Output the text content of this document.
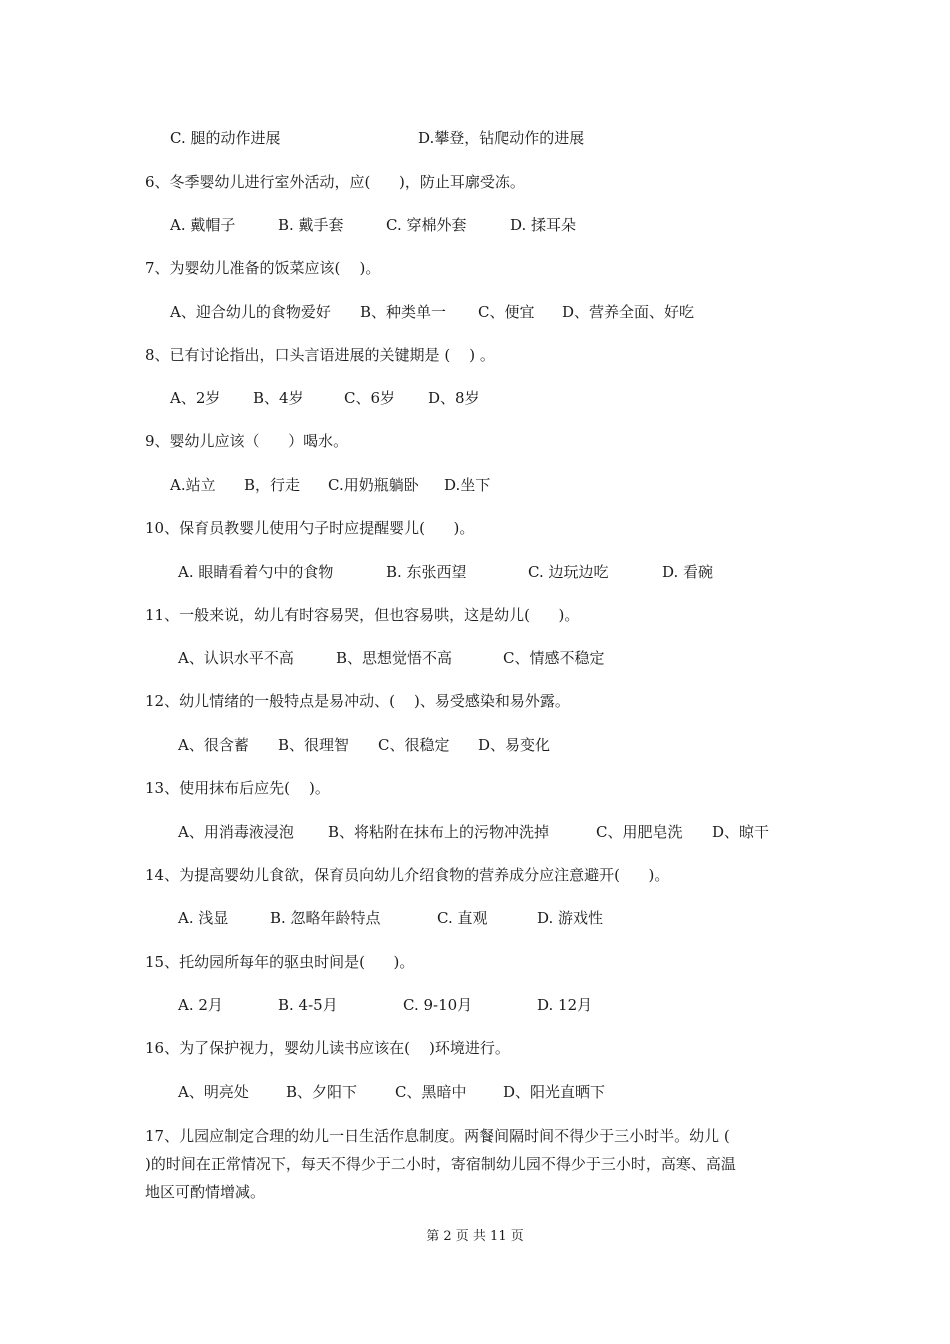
C. 腿的动作进展	D.攀登，钻爬动作的进展
6、冬季婴幼儿进行室外活动，应(      )，防止耳廓受冻。
A. 戴帽子	B. 戴手套	C. 穿棉外套	D. 揉耳朵
7、为婴幼儿准备的饭菜应该(    )。
A、迎合幼儿的食物爱好 B、种类单一 C、便宜 D、营养全面、好吃
8、已有讨论指出，口头言语进展的关键期是 (    ) 。
A、2岁 B、4岁	C、6岁 D、8岁
9、婴幼儿应该（      ）喝水。
A.站立 B，行走 C.用奶瓶躺卧 D.坐下
10、保育员教婴儿使用勺子时应提醒婴儿(      )。
A. 眼睛看着勺中的食物	B. 东张西望	C. 边玩边吃	D. 看碗
11、一般来说，幼儿有时容易哭，但也容易哄，这是幼儿(      )。
A、认识水平不高	B、思想觉悟不高	C、情感不稳定
12、幼儿情绪的一般特点是易冲动、(    )、易受感染和易外露。
A、很含蓄 B、很理智 C、很稳定 D、易变化
13、使用抹布后应先(    )。
A、用消毒液浸泡 B、将粘附在抹布上的污物冲洗掉	C、用肥皂洗 D、晾干
14、为提高婴幼儿食欲，保育员向幼儿介绍食物的营养成分应注意避开(      )。
A. 浅显	B. 忽略年龄特点	C. 直观	D. 游戏性
15、托幼园所每年的驱虫时间是(      )。
A. 2月	B. 4-5月	C. 9-10月	D. 12月
16、为了保护视力，婴幼儿读书应该在(    )环境进行。
A、明亮处 B、夕阳下	C、黑暗中 D、阳光直晒下
17、儿园应制定合理的幼儿一日生活作息制度。两餐间隔时间不得少于三小时半。幼儿 (
)的时间在正常情况下，每天不得少于二小时，寄宿制幼儿园不得少于三小时，高寒、高温
地区可酌情增减。
第 2 页 共 11 页
